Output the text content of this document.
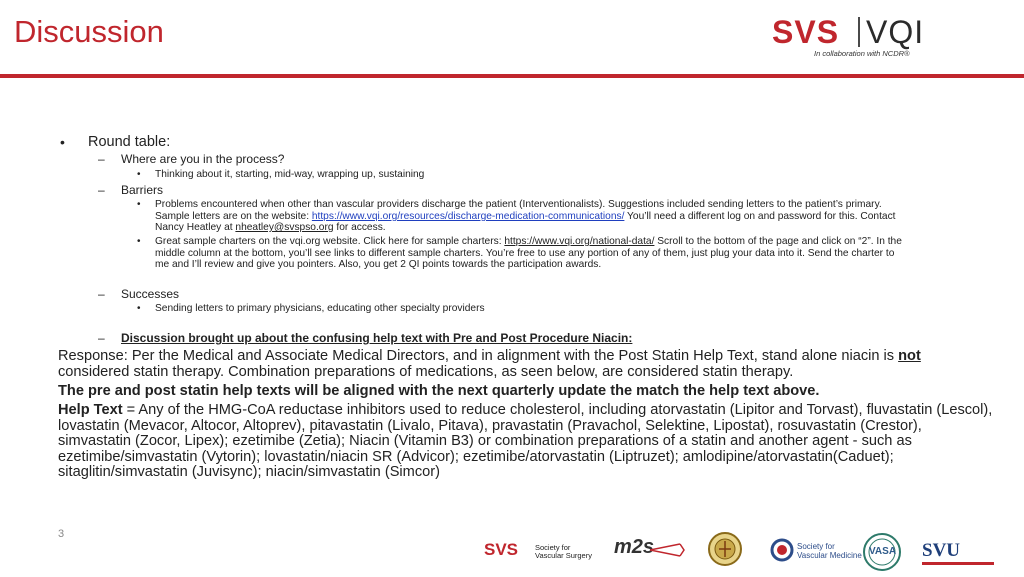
Discussion	SVS VQI
In collaboration with NCDR®
• Round table:
– Where are you in the process?
• Thinking about it, starting, mid-way, wrapping up, sustaining
– Barriers
• Problems encountered when other than vascular providers discharge the patient (Interventionalists). Suggestions included sending letters to the patient’s primary.
Sample letters are on the website: https://www.vqi.org/resources/discharge-medication-communications/ You’ll need a different log on and password for this. Contact
Nancy Heatley at nheatley@svspso.org for access.
• Great sample charters on the vqi.org website. Click here for sample charters: https://www.vqi.org/national-data/ Scroll to the bottom of the page and click on “2”. In the
middle column at the bottom, you’ll see links to different sample charters. You’re free to use any portion of any of them, just plug your data into it. Send the charter to
me and I’ll review and give you pointers. Also, you get 2 QI points towards the participation awards.
– Successes
• Sending letters to primary physicians, educating other specialty providers
– Discussion brought up about the confusing help text with Pre and Post Procedure Niacin:
Response: Per the Medical and Associate Medical Directors, and in alignment with the Post Statin Help Text, stand alone niacin is not
considered statin therapy. Combination preparations of medications, as seen below, are considered statin therapy.
The pre and post statin help texts will be aligned with the next quarterly update the match the help text above.
Help Text = Any of the HMG-CoA reductase inhibitors used to reduce cholesterol, including atorvastatin (Lipitor and Torvast), fluvastatin (Lescol), lovastatin (Mevacor, Altocor, Altoprev), pitavastatin (Livalo, Pitava), pravastatin (Pravachol, Selektine, Lipostat), rosuvastatin (Crestor), simvastatin (Zocor, Lipex); ezetimibe (Zetia); Niacin (Vitamin B3) or combination preparations of a statin and another agent - such as ezetimibe/simvastatin (Vytorin); lovastatin/niacin SR (Advicor); ezetimibe/atorvastatin (Liptruzet); amlodipine/atorvastatin(Caduet); sitaglitin/simvastatin (Juvisync); niacin/simvastatin (Simcor)
3
SVS Society for
Vascular Surgery m2s	Society for
Vascular Medicine VASA SVU
